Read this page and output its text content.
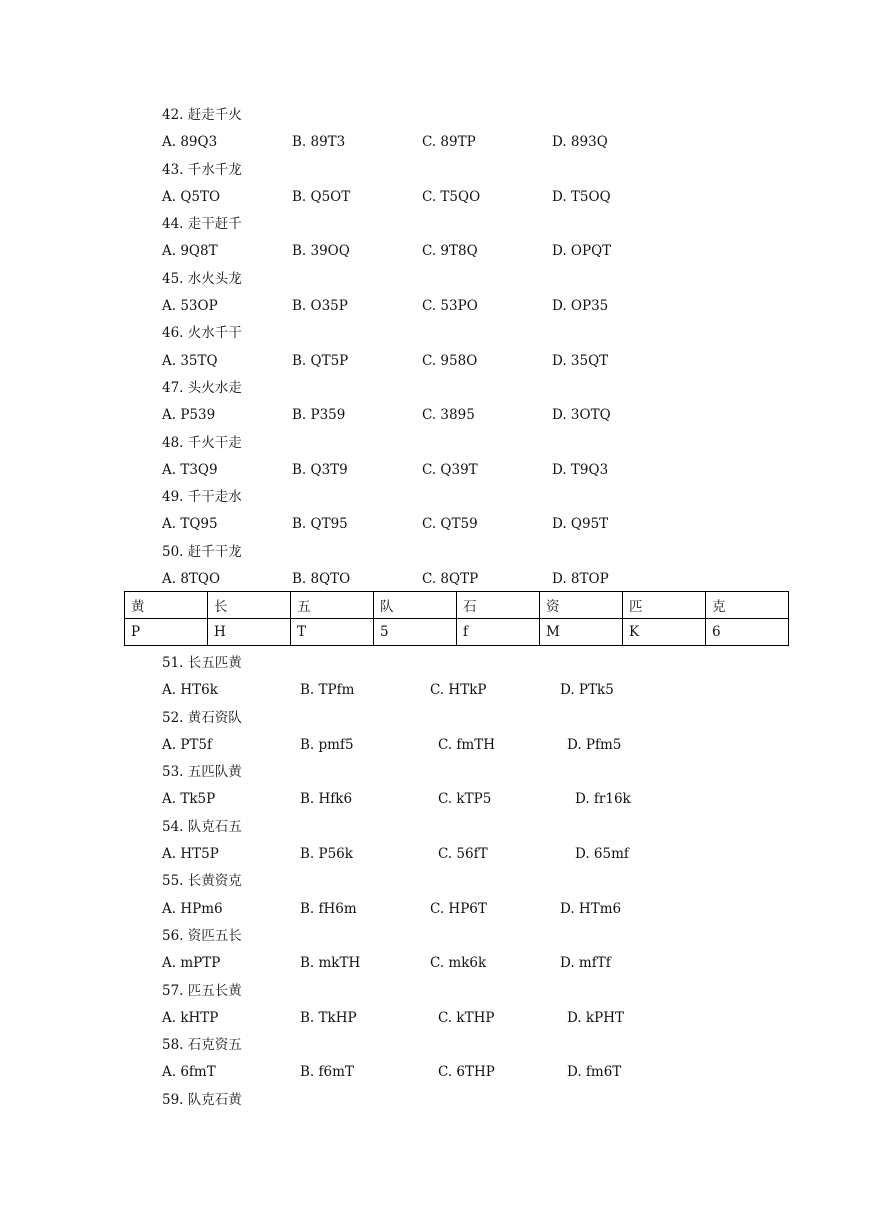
42. 赶走千火
A. 89Q3	B. 89T3	C. 89TP	D. 893Q
43. 千水千龙
A. Q5TO	B. Q5OT	C. T5QO	D. T5OQ
44. 走干赶千
A. 9Q8T	B. 39OQ	C. 9T8Q	D. OPQT
45. 水火头龙
A. 53OP	B. O35P	C. 53PO	D. OP35
46. 火水千干
A. 35TQ	B. QT5P	C. 958O	D. 35QT
47. 头火水走
A. P539	B. P359	C. 3895	D. 3OTQ
48. 千火干走
A. T3Q9	B. Q3T9	C. Q39T	D. T9Q3
49. 千干走水
A. TQ95	B. QT95	C. QT59	D. Q95T
50. 赶千干龙
A. 8TQO	B. 8QTO	C. 8QTP	D. 8TOP
黄	长	五	队	石	资	匹	克
P	H	T	5	f	M	K	6
51. 长五匹黄
A. HT6k	B. TPfm	C. HTkP	D. PTk5
52. 黄石资队
A. PT5f	B. pmf5	C. fmTH	D. Pfm5
53. 五匹队黄
A. Tk5P	B. Hfk6	C. kTP5	D. fr16k
54. 队克石五
A. HT5P	B. P56k	C. 56fT	D. 65mf
55. 长黄资克
A. HPm6	B. fH6m	C. HP6T	D. HTm6
56. 资匹五长
A. mPTP	B. mkTH	C. mk6k	D. mfTf
57. 匹五长黄
A. kHTP	B. TkHP	C. kTHP	D. kPHT
58. 石克资五
A. 6fmT	B. f6mT	C. 6THP	D. fm6T
59. 队克石黄
